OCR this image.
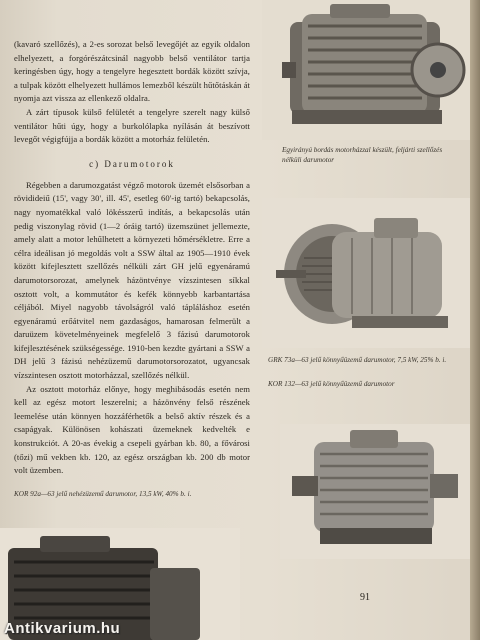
(kavaró szellőzés), a 2-es sorozat belső levegőjét az egyik oldalon elhelyezett, a forgórészátcsinál nagyobb belső ventilátor tartja keringésben úgy, hogy a tengelyre hegesztett bordák között szívja, a tulpak között elhelyezett hullámos lemezből készült hűtőtáskán át nyomja azt vissza az ellenkező oldalra.

A zárt típusok külső felületét a tengelyre szerelt nagy külső ventilátor hűti úgy, hogy a burkolólapka nyílásán át beszívott levegőt végigfújja a bordák között a motorház felületén.

c) Darumotorok

Régebben a darumozgatást végző motorok üzemét elsősorban a rövidideiű (15', vagy 30', ill. 45', esetleg 60'-ig tartó) bekapcsolás, nagy nyomatékkal való lökésszerű indítás, a bekapcsolás után pedig viszonylag rövid (1—2 óráig tartó) üzemszünet jellemezte, amely alatt a motor lehűlhetett a környezeti hőmérsékletre. Erre a célra ideálisan jó megoldás volt a SSW által az 1905—1910 évek között kifejlesztett szellőzés nélküli zárt GH jelű egyenáramú darumotorsorozat, amelynek házöntvénye vízszintesen síkkal osztott volt, a kommutátor és kefék könnyebb karbantartása céljából. Miyel nagyobb távolságról való tápláláshoz esetén egyenáramú erőátvitel nem gazdaságos, hamarosan felmerült a daruüzem követelményeinek megfelelő 3 fázisú darumotorok kifejlesztésének szükségessége. 1910-ben kezdte gyártani a SSW a DH jelű 3 fázisú nehézüzemű darumotorsorozatot, ugyancsak vízszintesen osztott motorházzal, szellőzés nélkül.

Az osztott motorház előnye, hogy meghibásodás esetén nem kell az egész motort leszerelni; a házönvény felső részének leemelése után könnyen hozzáférhetők a belső aktív részek és a csapágyak. Különösen kohászati üzemeknek kedvelték e konstrukciót. A 20-as évekig a csepeli gyárban kb. 80, a fővárosi (tőzi) mű vekben kb. 120, az egész országban kb. 200 db motor volt üzemben.

Egyirányú bordás motorházzal készült, feljárti szellőzés nélküli darumotor
GRK 73a—63 jelű könnyűüzemű darumotor, 7,5 kW, 25% b. i.
KOR 132—63 jelű könnyűüzemű darumotor
91
KOR 92a—63 jelű nehézüzemű darumotor, 13,5 kW, 40% b. i.
Antikvarium.hu
